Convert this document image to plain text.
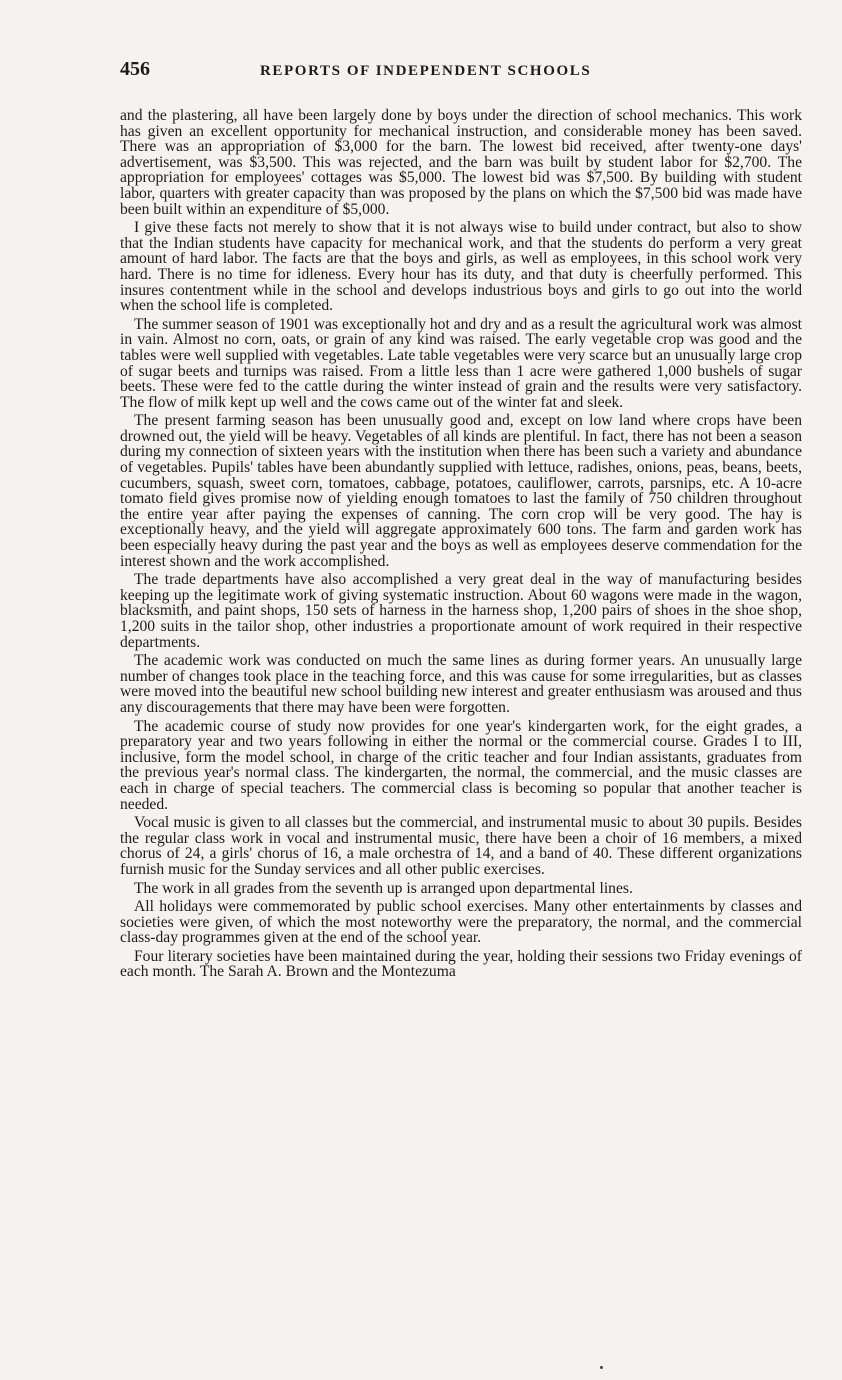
456	REPORTS OF INDEPENDENT SCHOOLS

and the plastering, all have been largely done by boys under the direction of school mechanics. This work has given an excellent opportunity for mechanical instruction, and considerable money has been saved. There was an appropriation of $3,000 for the barn. The lowest bid received, after twenty-one days' advertisement, was $3,500. This was rejected, and the barn was built by student labor for $2,700. The appropriation for employees' cottages was $5,000. The lowest bid was $7,500. By building with student labor, quarters with greater capacity than was proposed by the plans on which the $7,500 bid was made have been built within an expenditure of $5,000.

I give these facts not merely to show that it is not always wise to build under contract, but also to show that the Indian students have capacity for mechanical work, and that the students do perform a very great amount of hard labor. The facts are that the boys and girls, as well as employees, in this school work very hard. There is no time for idleness. Every hour has its duty, and that duty is cheerfully performed. This insures contentment while in the school and develops industrious boys and girls to go out into the world when the school life is completed.

The summer season of 1901 was exceptionally hot and dry and as a result the agricultural work was almost in vain. Almost no corn, oats, or grain of any kind was raised. The early vegetable crop was good and the tables were well supplied with vegetables. Late table vegetables were very scarce but an unusually large crop of sugar beets and turnips was raised. From a little less than 1 acre were gathered 1,000 bushels of sugar beets. These were fed to the cattle during the winter instead of grain and the results were very satisfactory. The flow of milk kept up well and the cows came out of the winter fat and sleek.

The present farming season has been unusually good and, except on low land where crops have been drowned out, the yield will be heavy. Vegetables of all kinds are plentiful. In fact, there has not been a season during my connection of sixteen years with the institution when there has been such a variety and abundance of vegetables. Pupils' tables have been abundantly supplied with lettuce, radishes, onions, peas, beans, beets, cucumbers, squash, sweet corn, tomatoes, cabbage, potatoes, cauliflower, carrots, parsnips, etc. A 10-acre tomato field gives promise now of yielding enough tomatoes to last the family of 750 children throughout the entire year after paying the expenses of canning. The corn crop will be very good. The hay is exceptionally heavy, and the yield will aggregate approximately 600 tons. The farm and garden work has been especially heavy during the past year and the boys as well as employees deserve commendation for the interest shown and the work accomplished.

The trade departments have also accomplished a very great deal in the way of manufacturing besides keeping up the legitimate work of giving systematic instruction. About 60 wagons were made in the wagon, blacksmith, and paint shops, 150 sets of harness in the harness shop, 1,200 pairs of shoes in the shoe shop, 1,200 suits in the tailor shop, other industries a proportionate amount of work required in their respective departments.

The academic work was conducted on much the same lines as during former years. An unusually large number of changes took place in the teaching force, and this was cause for some irregularities, but as classes were moved into the beautiful new school building new interest and greater enthusiasm was aroused and thus any discouragements that there may have been were forgotten.

The academic course of study now provides for one year's kindergarten work, for the eight grades, a preparatory year and two years following in either the normal or the commercial course. Grades I to III, inclusive, form the model school, in charge of the critic teacher and four Indian assistants, graduates from the previous year's normal class. The kindergarten, the normal, the commercial, and the music classes are each in charge of special teachers. The commercial class is becoming so popular that another teacher is needed.

Vocal music is given to all classes but the commercial, and instrumental music to about 30 pupils. Besides the regular class work in vocal and instrumental music, there have been a choir of 16 members, a mixed chorus of 24, a girls' chorus of 16, a male orchestra of 14, and a band of 40. These different organizations furnish music for the Sunday services and all other public exercises.

The work in all grades from the seventh up is arranged upon departmental lines.

All holidays were commemorated by public school exercises. Many other entertainments by classes and societies were given, of which the most noteworthy were the preparatory, the normal, and the commercial class-day programmes given at the end of the school year.

Four literary societies have been maintained during the year, holding their sessions two Friday evenings of each month. The Sarah A. Brown and the Montezuma
